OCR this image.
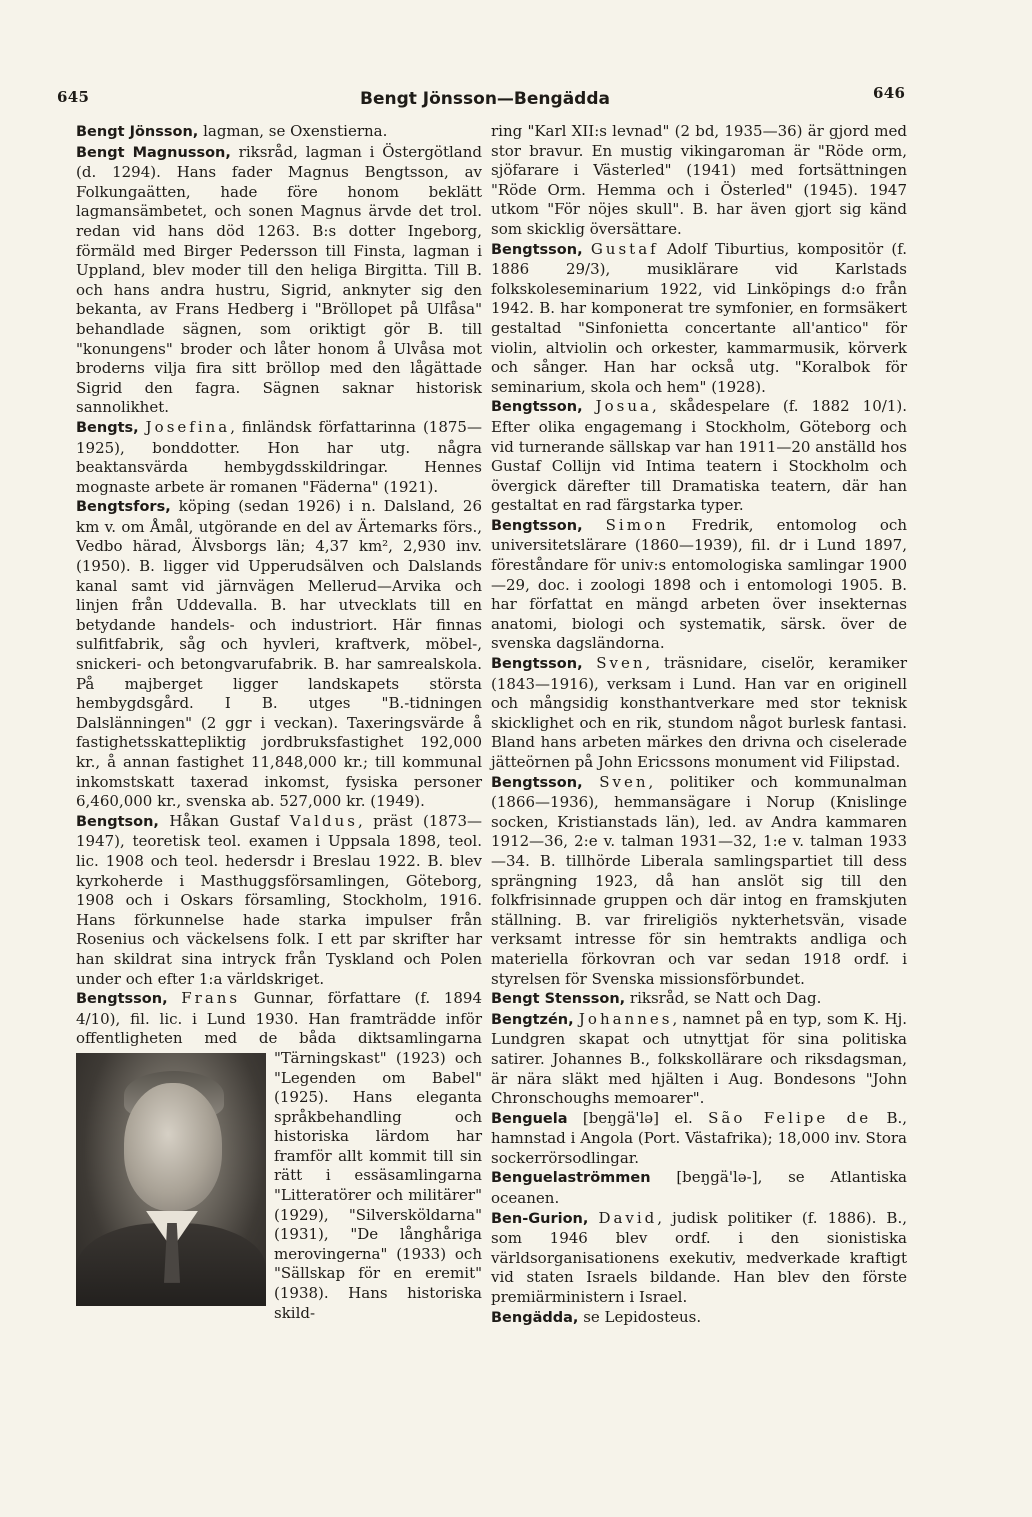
645	Bengt Jönsson—Bengädda	646

Bengt Jönsson, lagman, se Oxenstierna.

Bengt Magnusson, riksråd, lagman i Östergötland (d. 1294). Hans fader Magnus Bengtsson, av Folkungaätten, hade före honom beklätt lagmansämbetet, och sonen Magnus ärvde det trol. redan vid hans död 1263. B:s dotter Ingeborg, förmäld med Birger Pedersson till Finsta, lagman i Uppland, blev moder till den heliga Birgitta. Till B. och hans andra hustru, Sigrid, anknyter sig den bekanta, av Frans Hedberg i "Bröllopet på Ulfåsa" behandlade sägnen, som oriktigt gör B. till "konungens" broder och låter honom å Ulvåsa mot broderns vilja fira sitt bröllop med den lågättade Sigrid den fagra. Sägnen saknar historisk sannolikhet.

Bengts, Josefina, finländsk författarinna (1875—1925), bonddotter. Hon har utg. några beaktansvärda hembygdsskildringar. Hennes mognaste arbete är romanen "Fäderna" (1921).

Bengtsfors, köping (sedan 1926) i n. Dalsland, 26 km v. om Åmål, utgörande en del av Ärtemarks förs., Vedbo härad, Älvsborgs län; 4,37 km², 2,930 inv. (1950). B. ligger vid Upperudsälven och Dalslands kanal samt vid järnvägen Mellerud—Arvika och linjen från Uddevalla. B. har utvecklats till en betydande handels- och industriort. Här finnas sulfitfabrik, såg och hyvleri, kraftverk, möbel-, snickeri- och betongvarufabrik. B. har samrealskola. På majberget ligger landskapets största hembygdsgård. I B. utges "B.-tidningen Dalslänningen" (2 ggr i veckan). Taxeringsvärde å fastighetsskattepliktig jordbruksfastighet 192,000 kr., å annan fastighet 11,848,000 kr.; till kommunal inkomstskatt taxerad inkomst, fysiska personer 6,460,000 kr., svenska ab. 527,000 kr. (1949).

Bengtson, Håkan Gustaf Valdus, präst (1873—1947), teoretisk teol. examen i Uppsala 1898, teol. lic. 1908 och teol. hedersdr i Breslau 1922. B. blev kyrkoherde i Masthuggsförsamlingen, Göteborg, 1908 och i Oskars församling, Stockholm, 1916. Hans förkunnelse hade starka impulser från Rosenius och väckelsens folk. I ett par skrifter har han skildrat sina intryck från Tyskland och Polen under och efter 1:a världskriget.

Bengtsson, Frans Gunnar, författare (f. 1894 4/10), fil. lic. i Lund 1930. Han framträdde inför offentligheten med de båda diktsamlingarna
"Tärningskast" (1923) och "Legenden om Babel" (1925). Hans eleganta språkbehandling och historiska lärdom har framför allt kommit till sin rätt i essäsamlingarna "Litteratörer och militärer" (1929), "Silversköldarna" (1931), "De långhåriga merovingerna" (1933) och "Sällskap för en eremit" (1938). Hans historiska skild-

ring "Karl XII:s levnad" (2 bd, 1935—36) är gjord med stor bravur. En mustig vikingaroman är "Röde orm, sjöfarare i Västerled" (1941) med fortsättningen "Röde Orm. Hemma och i Österled" (1945). 1947 utkom "För nöjes skull". B. har även gjort sig känd som skicklig översättare.

Bengtsson, Gustaf Adolf Tiburtius, kompositör (f. 1886 29/3), musiklärare vid Karlstads folkskoleseminarium 1922, vid Linköpings d:o från 1942. B. har komponerat tre symfonier, en formsäkert gestaltad "Sinfonietta concertante all'antico" för violin, altviolin och orkester, kammarmusik, körverk och sånger. Han har också utg. "Koralbok för seminarium, skola och hem" (1928).

Bengtsson, Josua, skådespelare (f. 1882 10/1). Efter olika engagemang i Stockholm, Göteborg och vid turnerande sällskap var han 1911—20 anställd hos Gustaf Collijn vid Intima teatern i Stockholm och övergick därefter till Dramatiska teatern, där han gestaltat en rad färgstarka typer.

Bengtsson, Simon Fredrik, entomolog och universitetslärare (1860—1939), fil. dr i Lund 1897, föreståndare för univ:s entomologiska samlingar 1900—29, doc. i zoologi 1898 och i entomologi 1905. B. har författat en mängd arbeten över insekternas anatomi, biologi och systematik, särsk. över de svenska dagsländorna.

Bengtsson, Sven, träsnidare, ciselör, keramiker (1843—1916), verksam i Lund. Han var en originell och mångsidig konsthantverkare med stor teknisk skicklighet och en rik, stundom något burlesk fantasi. Bland hans arbeten märkes den drivna och ciselerade jätteörnen på John Ericssons monument vid Filipstad.

Bengtsson, Sven, politiker och kommunalman (1866—1936), hemmansägare i Norup (Knislinge socken, Kristianstads län), led. av Andra kammaren 1912—36, 2:e v. talman 1931—32, 1:e v. talman 1933—34. B. tillhörde Liberala samlingspartiet till dess sprängning 1923, då han anslöt sig till den folkfrisinnade gruppen och där intog en framskjuten ställning. B. var frireligiös nykterhetsvän, visade verksamt intresse för sin hemtrakts andliga och materiella förkovran och var sedan 1918 ordf. i styrelsen för Svenska missionsförbundet.

Bengt Stensson, riksråd, se Natt och Dag.

Bengtzén, Johannes, namnet på en typ, som K. Hj. Lundgren skapat och utnyttjat för sina politiska satirer. Johannes B., folkskollärare och riksdagsman, är nära släkt med hjälten i Aug. Bondesons "John Chronschoughs memoarer".

Benguela [beŋgä'lə] el. São Felipe de B., hamnstad i Angola (Port. Västafrika); 18,000 inv. Stora sockerrörsodlingar.

Benguelaströmmen [beŋgä'lə-], se Atlantiska oceanen.

Ben-Gurion, David, judisk politiker (f. 1886). B., som 1946 blev ordf. i den sionistiska världsorganisationens exekutiv, medverkade kraftigt vid staten Israels bildande. Han blev den förste premiärministern i Israel.

Bengädda, se Lepidosteus.
